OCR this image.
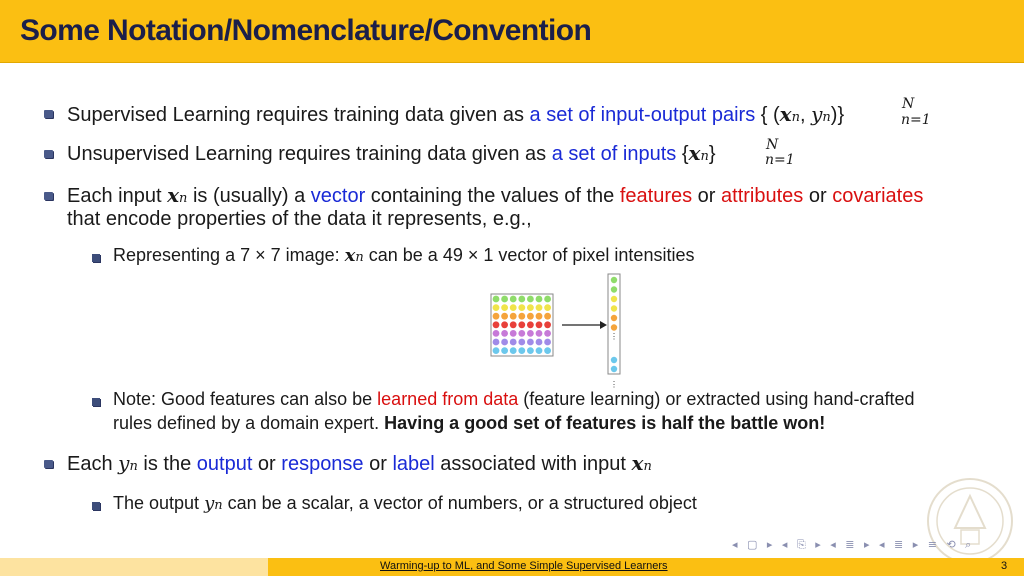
Some Notation/Nomenclature/Convention
Supervised Learning requires training data given as a set of input-output pairs { (xn, yn)}	N
n=1
Unsupervised Learning requires training data given as a set of inputs {xn}	N
n=1
Each input xn is (usually) a vector containing the values of the features or attributes or covariates
that encode properties of the data it represents, e.g.,
Representing a 7 × 7 image: xn can be a 49 × 1 vector of pixel intensities
⋮
⋮
Note: Good features can also be learned from data (feature learning) or extracted using hand-crafted
rules defined by a domain expert. Having a good set of features is half the battle won!
Each yn is the output or response or label associated with input xn
The output yn can be a scalar, a vector of numbers, or a structured object
◂ ▢ ▸ ◂ ⎘ ▸ ◂ ≣ ▸ ◂ ≣ ▸ ≡ ⟲ ⌕
Warming-up to ML, and Some Simple Supervised Learners	3
